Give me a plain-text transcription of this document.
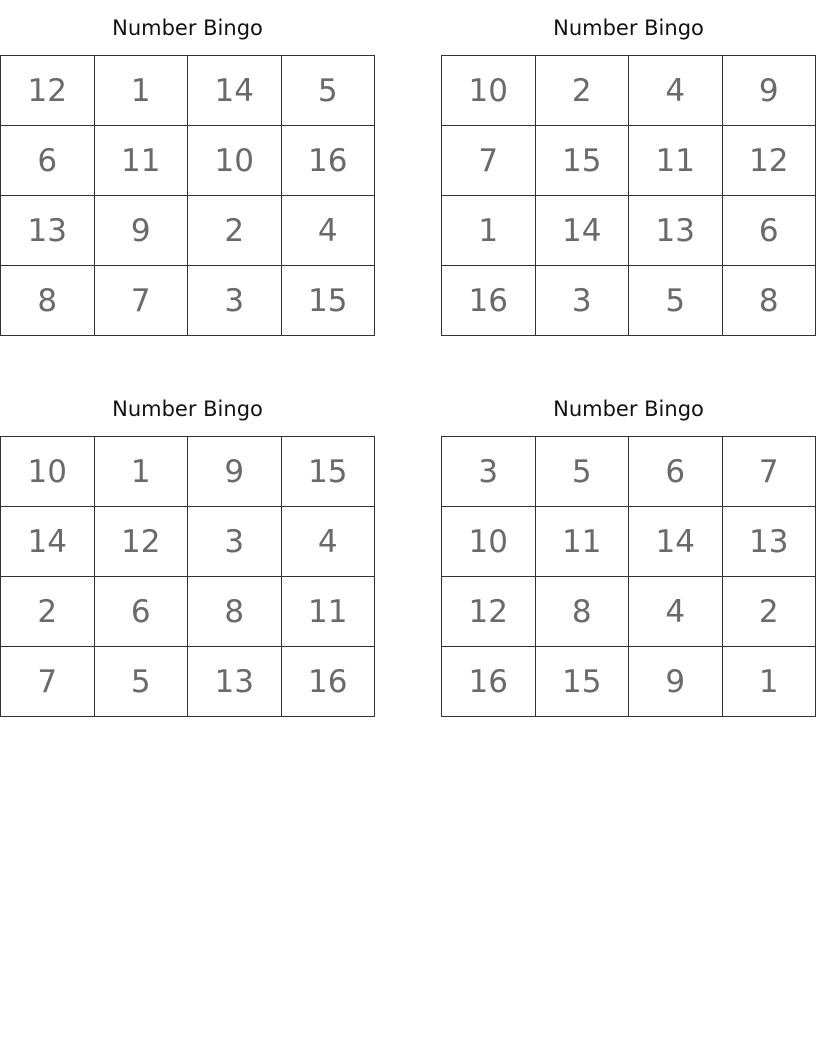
Number Bingo
12	1	14	5
6	11	10	16
13	9	2	4
8	7	3	15
Number Bingo
10	2	4	9
7	15	11	12
1	14	13	6
16	3	5	8
Number Bingo
10	1	9	15
14	12	3	4
2	6	8	11
7	5	13	16
Number Bingo
3	5	6	7
10	11	14	13
12	8	4	2
16	15	9	1
